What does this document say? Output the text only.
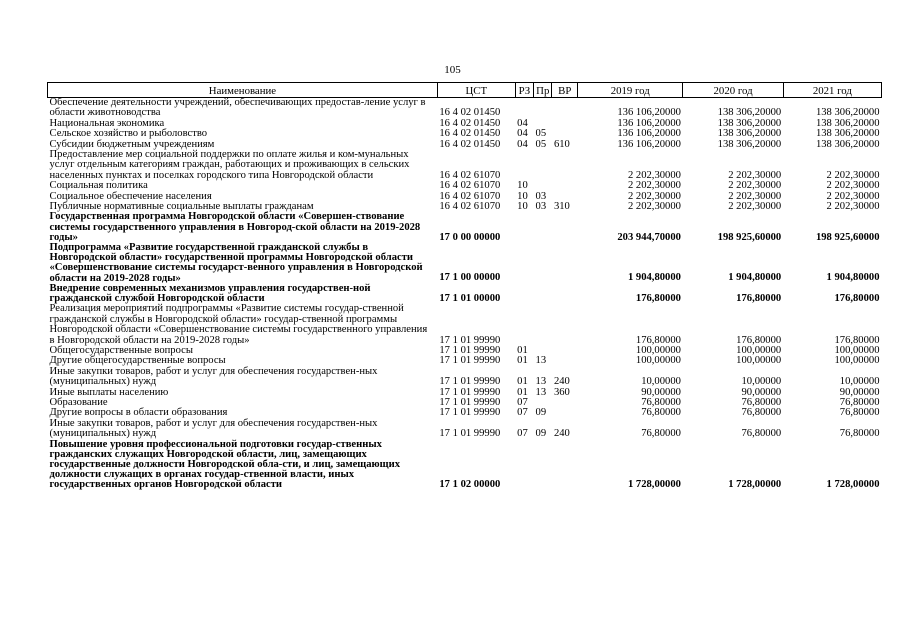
105
Наименование	ЦСТ	РЗ	Пр	ВР	2019 год	2020 год	2021 год
Обеспечение деятельности учреждений, обеспечивающих предостав-ление услуг в области животноводства	16 4 02 01450				136 106,20000	138 306,20000	138 306,20000
Национальная экономика	16 4 02 01450	04			136 106,20000	138 306,20000	138 306,20000
Сельское хозяйство и рыболовство	16 4 02 01450	04	05		136 106,20000	138 306,20000	138 306,20000
Субсидии бюджетным учреждениям	16 4 02 01450	04	05	610	136 106,20000	138 306,20000	138 306,20000
Предоставление мер социальной поддержки по оплате жилья и ком-мунальных услуг отдельным категориям граждан, работающих и проживающих в сельских населенных пунктах и поселках городского типа Новгородской области	16 4 02 61070				2 202,30000	2 202,30000	2 202,30000
Социальная политика	16 4 02 61070	10			2 202,30000	2 202,30000	2 202,30000
Социальное обеспечение населения	16 4 02 61070	10	03		2 202,30000	2 202,30000	2 202,30000
Публичные нормативные социальные выплаты гражданам	16 4 02 61070	10	03	310	2 202,30000	2 202,30000	2 202,30000
Государственная программа Новгородской области «Совершен-ствование системы государственного управления в Новгород-ской области на 2019-2028 годы»	17 0 00 00000				203 944,70000	198 925,60000	198 925,60000
Подпрограмма «Развитие государственной гражданской службы в Новгородской области» государственной программы Новгородской области «Совершенствование системы государст-венного управления в Новгородской области на 2019-2028 годы»	17 1 00 00000				1 904,80000	1 904,80000	1 904,80000
Внедрение современных механизмов управления государствен-ной гражданской службой Новгородской области	17 1 01 00000				176,80000	176,80000	176,80000
Реализация мероприятий подпрограммы «Развитие системы государ-ственной гражданской службы в Новгородской области» государ-ственной программы Новгородской области «Совершенствование системы государственного управления в Новгородской области на 2019-2028 годы»	17 1 01 99990				176,80000	176,80000	176,80000
Общегосударственные вопросы	17 1 01 99990	01			100,00000	100,00000	100,00000
Другие общегосударственные вопросы	17 1 01 99990	01	13		100,00000	100,00000	100,00000
Иные закупки товаров, работ и услуг для обеспечения государствен-ных (муниципальных) нужд	17 1 01 99990	01	13	240	10,00000	10,00000	10,00000
Иные выплаты населению	17 1 01 99990	01	13	360	90,00000	90,00000	90,00000
Образование	17 1 01 99990	07			76,80000	76,80000	76,80000
Другие вопросы в области образования	17 1 01 99990	07	09		76,80000	76,80000	76,80000
Иные закупки товаров, работ и услуг для обеспечения государствен-ных (муниципальных) нужд	17 1 01 99990	07	09	240	76,80000	76,80000	76,80000
Повышение уровня профессиональной подготовки государ-ственных гражданских служащих Новгородской области, лиц, замещающих государственные должности Новгородской обла-сти, и лиц, замещающих должности служащих в органах государ-ственной власти, иных государственных органов Новгородской области	17 1 02 00000				1 728,00000	1 728,00000	1 728,00000
